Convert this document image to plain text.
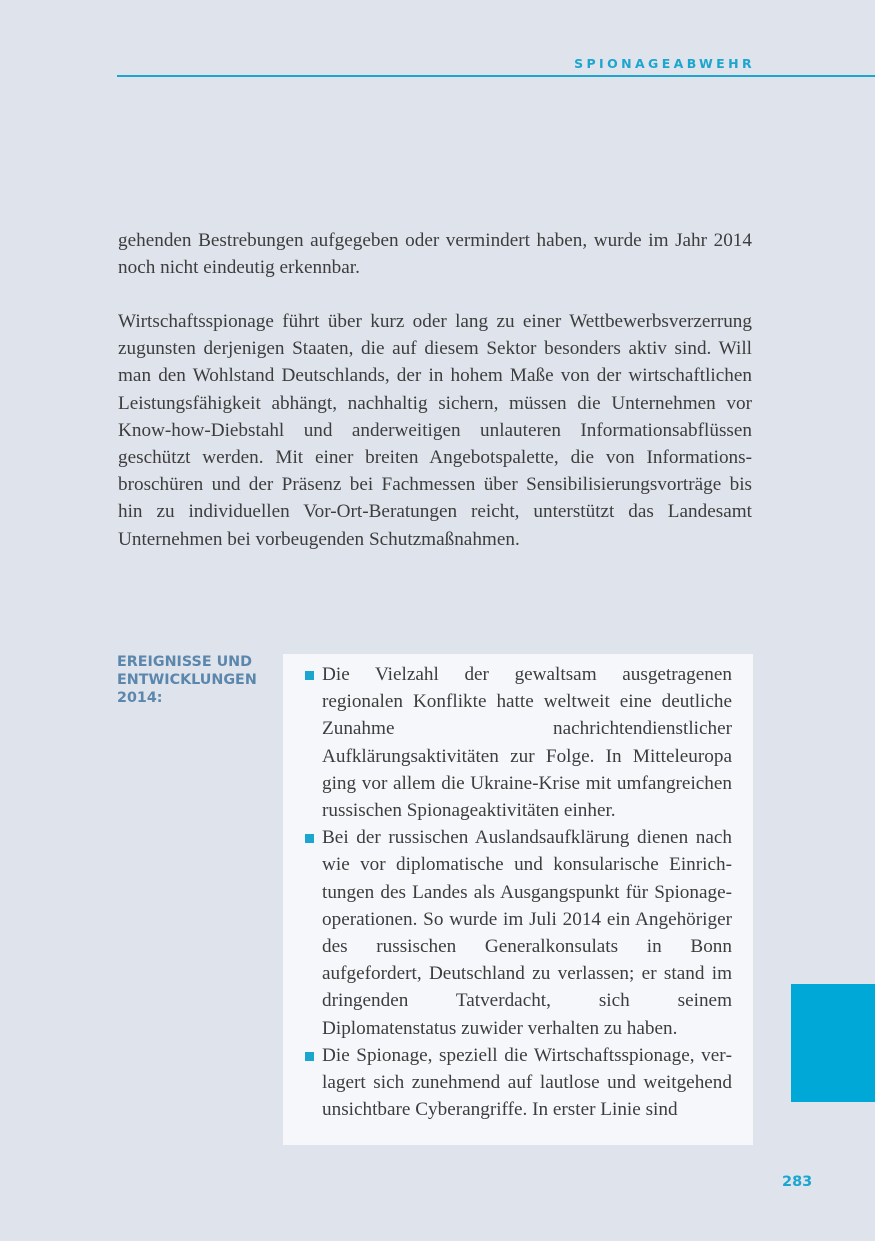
SPIONAGEABWEHR

gehenden Bestrebungen aufgegeben oder vermindert haben, wurde im Jahr 2014 noch nicht eindeutig erkennbar.

Wirtschaftsspionage führt über kurz oder lang zu einer Wettbewerbsverzerrung zugunsten derjenigen Staaten, die auf diesem Sektor besonders aktiv sind. Will man den Wohlstand Deutschlands, der in hohem Maße von der wirtschaftlichen Leistungsfähigkeit abhängt, nachhaltig sichern, müssen die Unternehmen vor Know-how-Diebstahl und anderweitigen unlauteren Informationsabflüssen geschützt werden. Mit einer breiten Angebotspalette, die von Informationsbroschüren und der Präsenz bei Fachmessen über Sensibilisierungsvorträge bis hin zu individuellen Vor-Ort-Beratungen reicht, unterstützt das Landesamt Unternehmen bei vorbeugenden Schutzmaßnahmen.

EREIGNISSE UND ENTWICKLUNGEN 2014:
Die Vielzahl der gewaltsam ausgetragenen regionalen Konflikte hatte weltweit eine deutliche Zunahme nachrichtendienstlicher Aufklärungsaktivitäten zur Folge. In Mitteleuropa ging vor allem die Ukraine-Krise mit umfangreichen russischen Spionageaktivitäten einher.
Bei der russischen Auslandsaufklärung dienen nach wie vor diplomatische und konsularische Einrichtungen des Landes als Ausgangspunkt für Spionageoperationen. So wurde im Juli 2014 ein Angehöriger des russischen Generalkonsulats in Bonn aufgefordert, Deutschland zu verlassen; er stand im dringenden Tatverdacht, sich seinem Diplomatenstatus zuwider verhalten zu haben.
Die Spionage, speziell die Wirtschaftsspionage, verlagert sich zunehmend auf lautlose und weitgehend unsichtbare Cyberangriffe. In erster Linie sind
283
